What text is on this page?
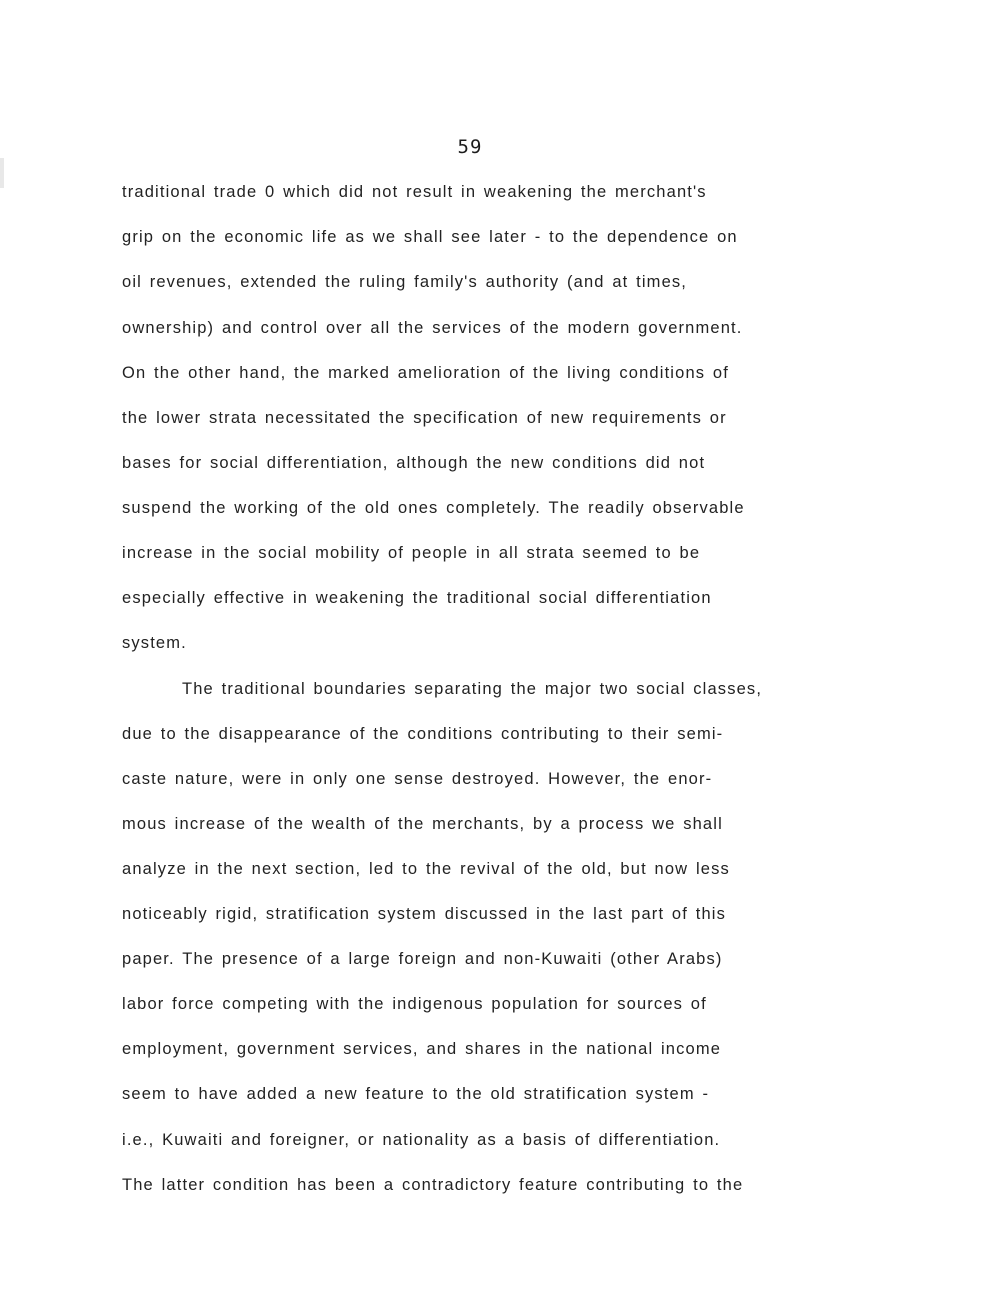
59
traditional trade 0 which did not result in weakening the merchant's
grip on the economic life as we shall see later - to the dependence on
oil revenues, extended the ruling family's authority (and at times,
ownership) and control over all the services of the modern government.
On the other hand, the marked amelioration of the living conditions of
the lower strata necessitated the specification of new requirements or
bases for social differentiation, although the new conditions did not
suspend the working of the old ones completely. The readily observable
increase in the social mobility of people in all strata seemed to be
especially effective in weakening the traditional social differentiation
system.
The traditional boundaries separating the major two social classes,
due to the disappearance of the conditions contributing to their semi-
caste nature, were in only one sense destroyed. However, the enor-
mous increase of the wealth of the merchants, by a process we shall
analyze in the next section, led to the revival of the old, but now less
noticeably rigid, stratification system discussed in the last part of this
paper. The presence of a large foreign and non-Kuwaiti (other Arabs)
labor force competing with the indigenous population for sources of
employment, government services, and shares in the national income
seem to have added a new feature to the old stratification system -
i.e., Kuwaiti and foreigner, or nationality as a basis of differentiation.
The latter condition has been a contradictory feature contributing to the
